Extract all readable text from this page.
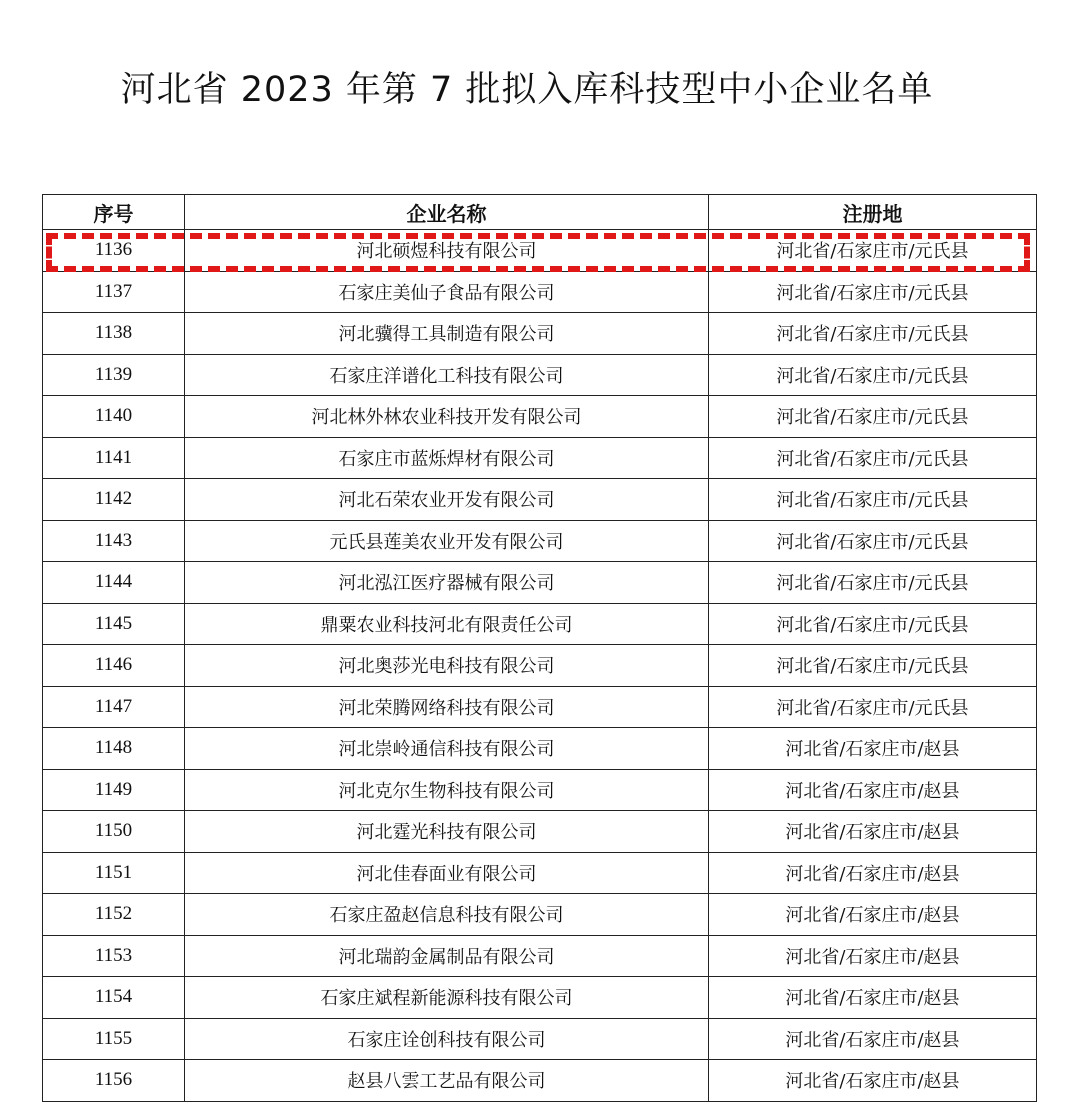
河北省 2023 年第 7 批拟入库科技型中小企业名单
序号	企业名称	注册地
1136	河北硕煜科技有限公司	河北省/石家庄市/元氏县
1137	石家庄美仙子食品有限公司	河北省/石家庄市/元氏县
1138	河北骥得工具制造有限公司	河北省/石家庄市/元氏县
1139	石家庄洋谱化工科技有限公司	河北省/石家庄市/元氏县
1140	河北林外林农业科技开发有限公司	河北省/石家庄市/元氏县
1141	石家庄市蓝烁焊材有限公司	河北省/石家庄市/元氏县
1142	河北石荣农业开发有限公司	河北省/石家庄市/元氏县
1143	元氏县莲美农业开发有限公司	河北省/石家庄市/元氏县
1144	河北泓江医疗器械有限公司	河北省/石家庄市/元氏县
1145	鼎粟农业科技河北有限责任公司	河北省/石家庄市/元氏县
1146	河北奥莎光电科技有限公司	河北省/石家庄市/元氏县
1147	河北荣腾网络科技有限公司	河北省/石家庄市/元氏县
1148	河北崇岭通信科技有限公司	河北省/石家庄市/赵县
1149	河北克尔生物科技有限公司	河北省/石家庄市/赵县
1150	河北霆光科技有限公司	河北省/石家庄市/赵县
1151	河北佳春面业有限公司	河北省/石家庄市/赵县
1152	石家庄盈赵信息科技有限公司	河北省/石家庄市/赵县
1153	河北瑞韵金属制品有限公司	河北省/石家庄市/赵县
1154	石家庄斌程新能源科技有限公司	河北省/石家庄市/赵县
1155	石家庄诠创科技有限公司	河北省/石家庄市/赵县
1156	赵县八雲工艺品有限公司	河北省/石家庄市/赵县
